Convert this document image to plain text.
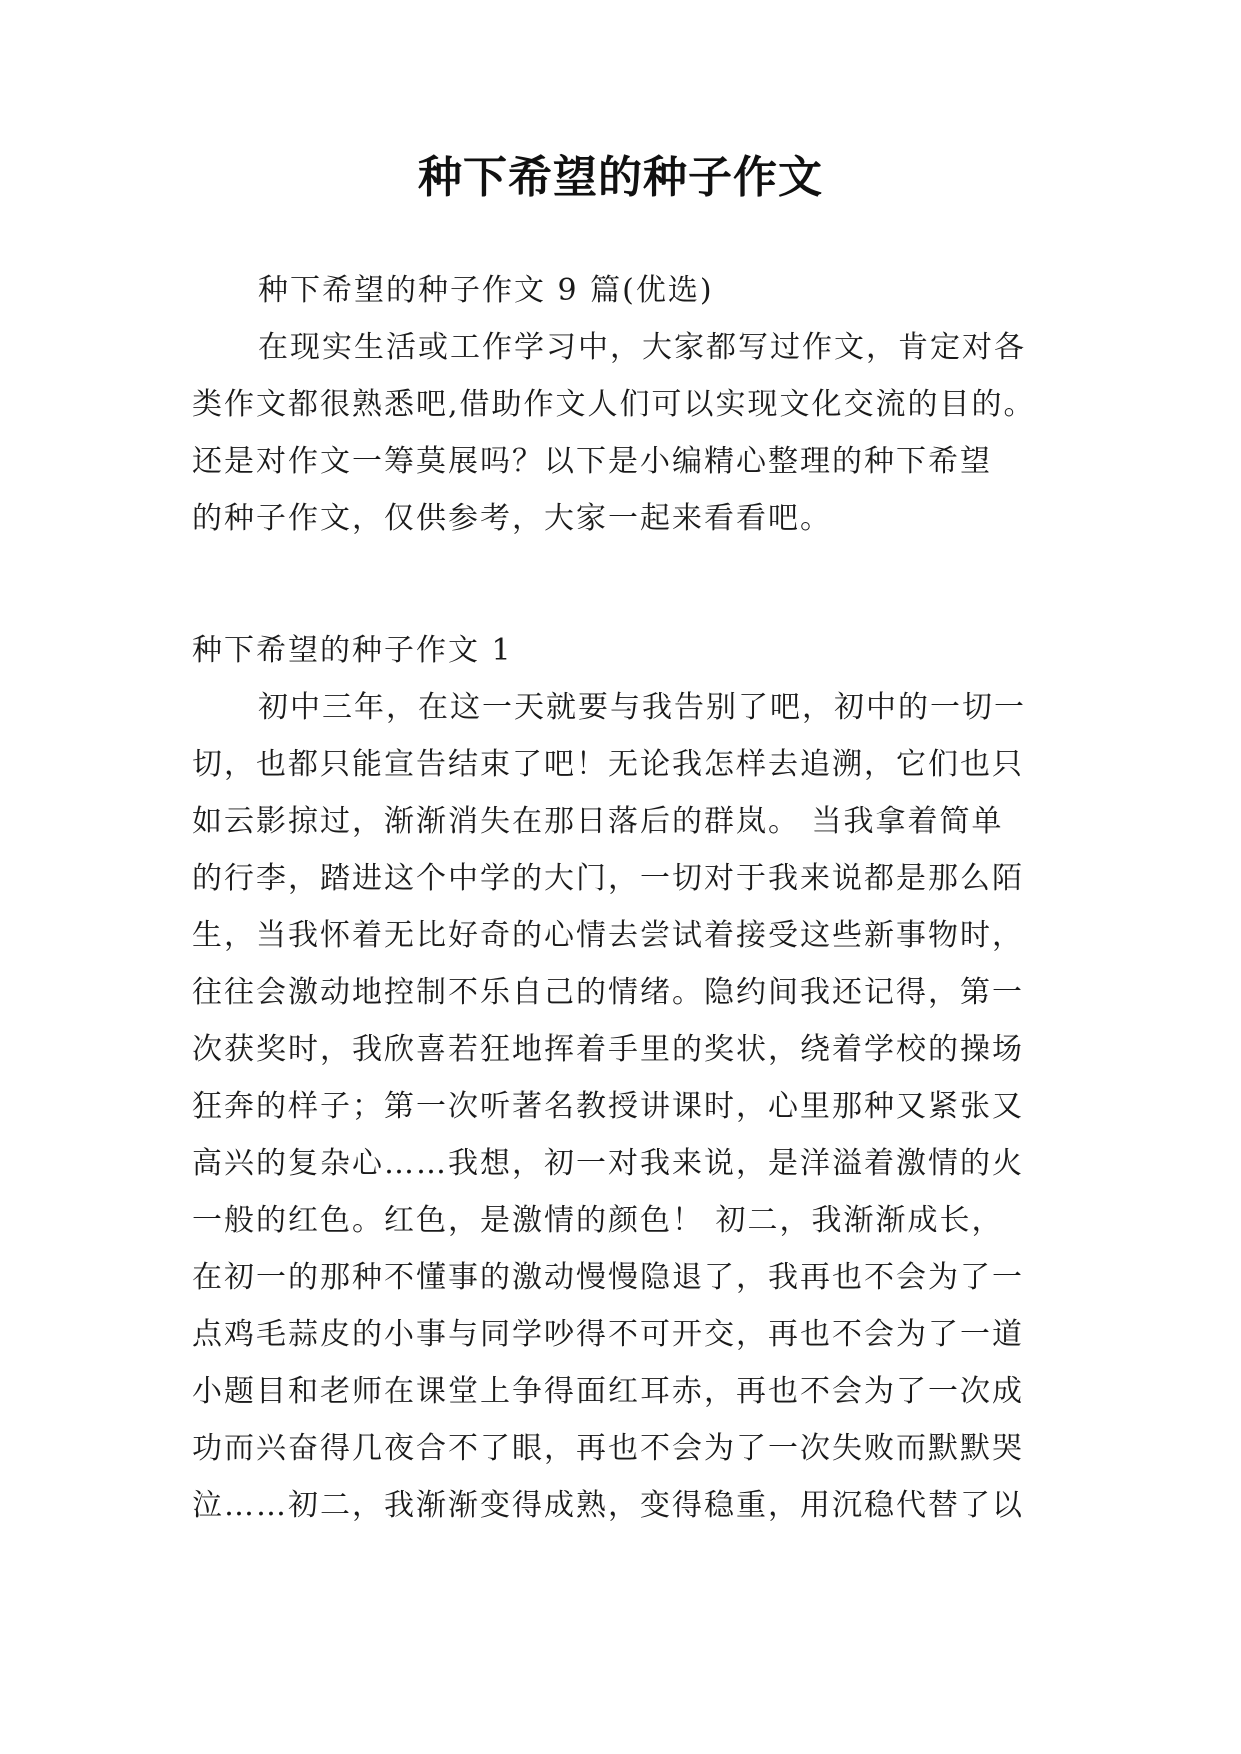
种下希望的种子作文
种下希望的种子作文 9 篇(优选)
在现实生活或工作学习中，大家都写过作文，肯定对各
类作文都很熟悉吧,借助作文人们可以实现文化交流的目的。
还是对作文一筹莫展吗？以下是小编精心整理的种下希望
的种子作文，仅供参考，大家一起来看看吧。
种下希望的种子作文 1
初中三年，在这一天就要与我告别了吧，初中的一切一
切，也都只能宣告结束了吧！无论我怎样去追溯，它们也只
如云影掠过，渐渐消失在那日落后的群岚。 当我拿着简单
的行李，踏进这个中学的大门，一切对于我来说都是那么陌
生，当我怀着无比好奇的心情去尝试着接受这些新事物时，
往往会激动地控制不乐自己的情绪。隐约间我还记得，第一
次获奖时，我欣喜若狂地挥着手里的奖状，绕着学校的操场
狂奔的样子；第一次听著名教授讲课时，心里那种又紧张又
高兴的复杂心……我想，初一对我来说，是洋溢着激情的火
一般的红色。红色，是激情的颜色！ 初二，我渐渐成长，
在初一的那种不懂事的激动慢慢隐退了，我再也不会为了一
点鸡毛蒜皮的小事与同学吵得不可开交，再也不会为了一道
小题目和老师在课堂上争得面红耳赤，再也不会为了一次成
功而兴奋得几夜合不了眼，再也不会为了一次失败而默默哭
泣……初二，我渐渐变得成熟，变得稳重，用沉稳代替了以
